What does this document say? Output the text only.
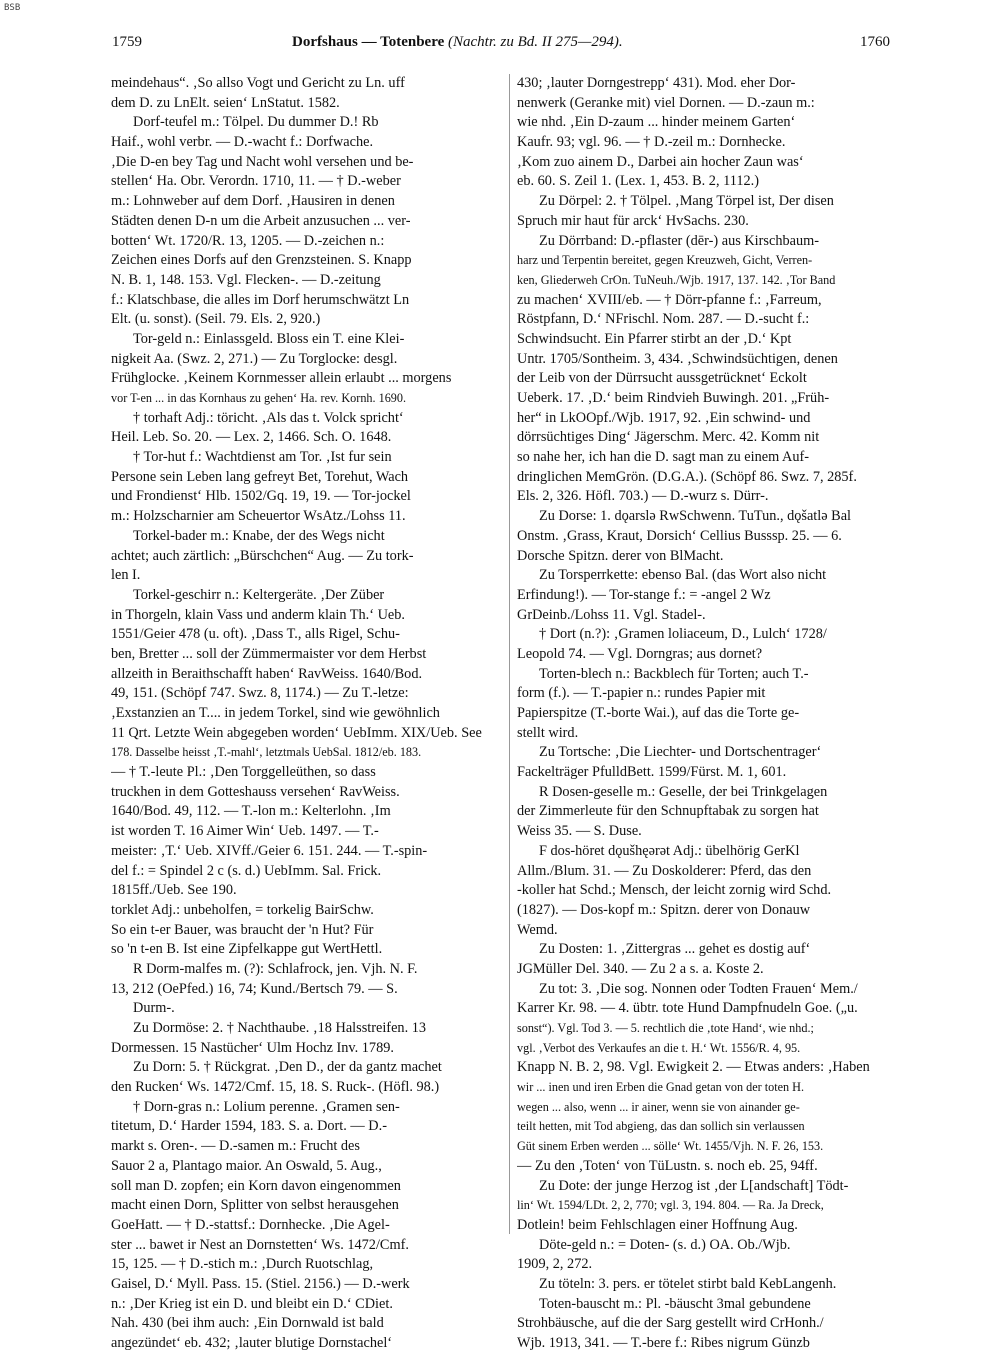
BSB
1759	Dorfshaus — Totenbere (Nachtr. zu Bd. II 275—294).	1760
meindehaus“. ‚So allso Vogt und Gericht zu Ln. uff
dem D. zu LnElt. seien‘ LnStatut. 1582.
Dorf-teufel m.: Tölpel. Du dummer D.! Rb
Haif., wohl verbr. — D.-wacht f.: Dorfwache.
‚Die D-en bey Tag und Nacht wohl versehen und be-
stellen‘ Ha. Obr. Verordn. 1710, 11. — † D.-weber
m.: Lohnweber auf dem Dorf. ‚Hausiren in denen
Städten denen D-n um die Arbeit anzusuchen ... ver-
botten‘ Wt. 1720/R. 13, 1205. — D.-zeichen n.:
Zeichen eines Dorfs auf den Grenzsteinen. S. Knapp
N. B. 1, 148. 153. Vgl. Flecken-. — D.-zeitung
f.: Klatschbase, die alles im Dorf herumschwätzt Ln
Elt. (u. sonst). (Seil. 79. Els. 2, 920.)
Tor-geld n.: Einlassgeld. Bloss ein T. eine Klei-
nigkeit Aa. (Swz. 2, 271.) — Zu Torglocke: desgl.
Frühglocke. ‚Keinem Kornmesser allein erlaubt ... morgens
vor T-en ... in das Kornhaus zu gehen‘ Ha. rev. Kornh. 1690.
† torhaft Adj.: töricht. ‚Als das t. Volck spricht‘
Heil. Leb. So. 20. — Lex. 2, 1466. Sch. O. 1648.
† Tor-hut f.: Wachtdienst am Tor. ‚Ist fur sein
Persone sein Leben lang gefreyt Bet, Torehut, Wach
und Frondienst‘ Hlb. 1502/Gq. 19, 19. — Tor-jockel
m.: Holzscharnier am Scheuertor WsAtz./Lohss 11.
Torkel-bader m.: Knabe, der des Wegs nicht
achtet; auch zärtlich: „Bürschchen“ Aug. — Zu tork-
len I.
Torkel-geschirr n.: Keltergeräte. ‚Der Züber
in Thorgeln, klain Vass und anderm klain Th.‘ Ueb.
1551/Geier 478 (u. oft). ‚Dass T., alls Rigel, Schu-
ben, Bretter ... soll der Zümmermaister vor dem Herbst
allzeith in Beraithschafft haben‘ RavWeiss. 1640/Bod.
49, 151. (Schöpf 747. Swz. 8, 1174.) — Zu T.-letze:
‚Exstanzien an T.... in jedem Torkel, sind wie gewöhnlich
11 Qrt. Letzte Wein abgegeben worden‘ UebImm. XIX/Ueb. See
178. Dasselbe heisst ‚T.-mahl‘, letztmals UebSal. 1812/eb. 183.
— † T.-leute Pl.: ‚Den Torggelleüthen, so dass
truckhen in dem Gotteshauss versehen‘ RavWeiss.
1640/Bod. 49, 112. — T.-lon m.: Kelterlohn. ‚Im
ist worden T. 16 Aimer Win‘ Ueb. 1497. — T.-
meister: ‚T.‘ Ueb. XIVff./Geier 6. 151. 244. — T.-spin-
del f.: = Spindel 2 c (s. d.) UebImm. Sal. Frick.
1815ff./Ueb. See 190.
torklet Adj.: unbeholfen, = torkelig BairSchw.
So ein t-er Bauer, was braucht der 'n Hut? Für
so 'n t-en B. Ist eine Zipfelkappe gut WertHettl.
R Dorm-malfes m. (?): Schlafrock, jen. Vjh. N. F.
13, 212 (OePfed.) 16, 74; Kund./Bertsch 79. — S.
Durm-.
Zu Dormöse: 2. † Nachthaube. ‚18 Halsstreifen. 13
Dormessen. 15 Nastücher‘ Ulm Hochz Inv. 1789.
Zu Dorn: 5. † Rückgrat. ‚Den D., der da gantz machet
den Rucken‘ Ws. 1472/Cmf. 15, 18. S. Ruck-. (Höfl. 98.)
† Dorn-gras n.: Lolium perenne. ‚Gramen sen-
titetum, D.‘ Harder 1594, 183. S. a. Dort. — D.-
markt s. Oren-. — D.-samen m.: Frucht des
Sauor 2 a, Plantago maior. An Oswald, 5. Aug.,
soll man D. zopfen; ein Korn davon eingenommen
macht einen Dorn, Splitter von selbst herausgehen
GoeHatt. — † D.-stattsf.: Dornhecke. ‚Die Agel-
ster ... bawet ir Nest an Dornstetten‘ Ws. 1472/Cmf.
15, 125. — † D.-stich m.: ‚Durch Ruotschlag,
Gaisel, D.‘ Myll. Pass. 15. (Stiel. 2156.) — D.-werk
n.: ‚Der Krieg ist ein D. und bleibt ein D.‘ CDiet.
Nah. 430 (bei ihm auch: ‚Ein Dornwald ist bald
angezündet‘ eb. 432; ‚lauter blutige Dornstachel‘
430; ‚lauter Dorngestrepp‘ 431). Mod. eher Dor-
nenwerk (Geranke mit) viel Dornen. — D.-zaun m.:
wie nhd. ‚Ein D-zaum ... hinder meinem Garten‘
Kaufr. 93; vgl. 96. — † D.-zeil m.: Dornhecke.
‚Kom zuo ainem D., Darbei ain hocher Zaun was‘
eb. 60. S. Zeil 1. (Lex. 1, 453. B. 2, 1112.)
Zu Dörpel: 2. † Tölpel. ‚Mang Törpel ist, Der disen
Spruch mir haut für arck‘ HvSachs. 230.
Zu Dörrband: D.-pflaster (dēr-) aus Kirschbaum-
harz und Terpentin bereitet, gegen Kreuzweh, Gicht, Verren-
ken, Gliederweh CrOn. TuNeuh./Wjb. 1917, 137. 142. ‚Tor Band
zu machen‘ XVIII/eb. — † Dörr-pfanne f.: ‚Farreum,
Röstpfann, D.‘ NFrischl. Nom. 287. — D.-sucht f.:
Schwindsucht. Ein Pfarrer stirbt an der ‚D.‘ Kpt
Untr. 1705/Sontheim. 3, 434. ‚Schwindsüchtigen, denen
der Leib von der Dürrsucht aussgetrücknet‘ Eckolt
Ueberk. 17. ‚D.‘ beim Rindvieh Buwingh. 201. „Früh-
her“ in LkOOpf./Wjb. 1917, 92. ‚Ein schwind- und
dörrsüchtiges Ding‘ Jägerschm. Merc. 42. Komm nit
so nahe her, ich han die D. sagt man zu einem Auf-
dringlichen MemGrön. (D.G.A.). (Schöpf 86. Swz. 7, 285f.
Els. 2, 326. Höfl. 703.) — D.-wurz s. Dürr-.
Zu Dorse: 1. dǫarslə RwSchwenn. TuTun., dǫšatlə Bal
Onstm. ‚Grass, Kraut, Dorsich‘ Cellius Busssp. 25. — 6.
Dorsche Spitzn. derer von BlMacht.
Zu Torsperrkette: ebenso Bal. (das Wort also nicht
Erfindung!). — Tor-stange f.: = -angel 2 Wz
GrDeinb./Lohss 11. Vgl. Stadel-.
† Dort (n.?): ‚Gramen loliaceum, D., Lulch‘ 1728/
Leopold 74. — Vgl. Dorngras; aus dornet?
Torten-blech n.: Backblech für Torten; auch T.-
form (f.). — T.-papier n.: rundes Papier mit
Papierspitze (T.-borte Wai.), auf das die Torte ge-
stellt wird.
Zu Tortsche: ‚Die Liechter- und Dortschentrager‘
Fackelträger PfulldBett. 1599/Fürst. M. 1, 601.
R Dosen-geselle m.: Geselle, der bei Trinkgelagen
der Zimmerleute für den Schnupftabak zu sorgen hat
Weiss 35. — S. Duse.
F dos-höret dǫušhęǝrǝt Adj.: übelhörig GerKl
Allm./Blum. 31. — Zu Doskolderer: Pferd, das den
-koller hat Schd.; Mensch, der leicht zornig wird Schd.
(1827). — Dos-kopf m.: Spitzn. derer von Donauw
Wemd.
Zu Dosten: 1. ‚Zittergras ... gehet es dostig auf‘
JGMüller Del. 340. — Zu 2 a s. a. Koste 2.
Zu tot: 3. ‚Die sog. Nonnen oder Todten Frauen‘ Mem./
Karrer Kr. 98. — 4. übtr. tote Hund Dampfnudeln Goe. („u.
sonst“). Vgl. Tod 3. — 5. rechtlich die ‚tote Hand‘, wie nhd.;
vgl. ‚Verbot des Verkaufes an die t. H.‘ Wt. 1556/R. 4, 95.
Knapp N. B. 2, 98. Vgl. Ewigkeit 2. — Etwas anders: ‚Haben
wir ... inen und iren Erben die Gnad getan von der toten H.
wegen ... also, wenn ... ir ainer, wenn sie von ainander ge-
teilt hetten, mit Tod abgieng, das dan sollich sin verlaussen
Güt sinem Erben werden ... sölle‘ Wt. 1455/Vjh. N. F. 26, 153.
— Zu den ‚Toten‘ von TüLustn. s. noch eb. 25, 94ff.
Zu Dote: der junge Herzog ist ‚der L[andschaft] Tödt-
lin‘ Wt. 1594/LDt. 2, 2, 770; vgl. 3, 194. 804. — Ra. Ja Dreck,
Dotlein! beim Fehlschlagen einer Hoffnung Aug.
Döte-geld n.: = Doten- (s. d.) OA. Ob./Wjb.
1909, 2, 272.
Zu töteln: 3. pers. er tötelet stirbt bald KebLangenh.
Toten-bauscht m.: Pl. -bäuscht 3mal gebundene
Strohbäusche, auf die der Sarg gestellt wird CrHonh./
Wjb. 1913, 341. — T.-bere f.: Ribes nigrum Günzb
